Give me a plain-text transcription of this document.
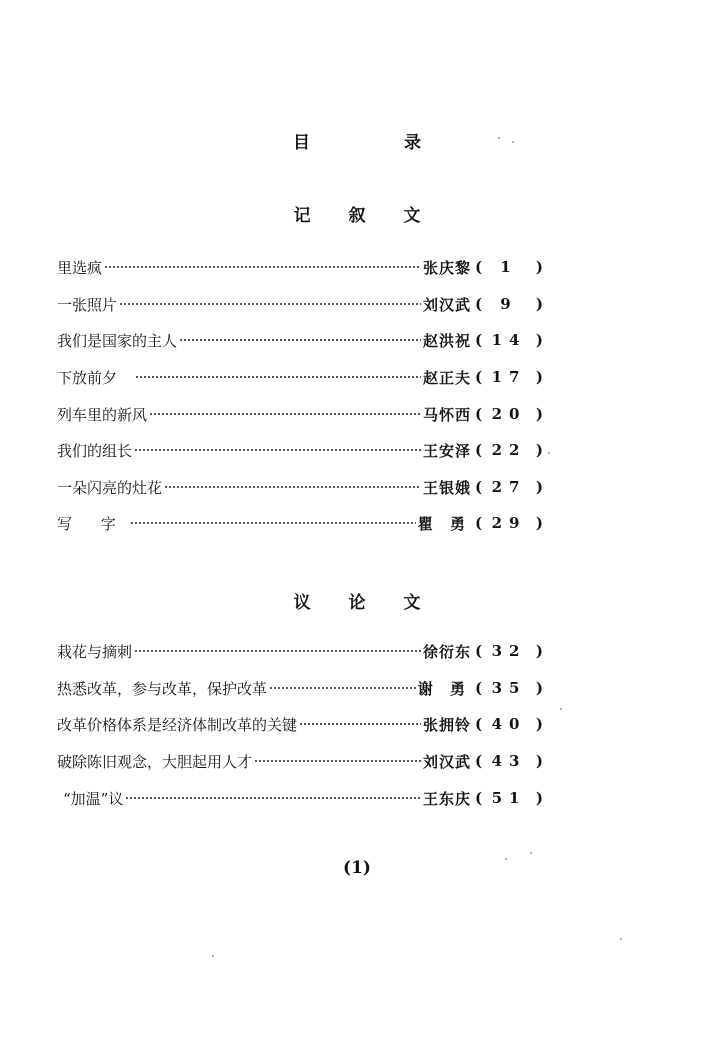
目 录
记 叙 文
里选疯	张庆黎 ( 1 )
一张照片	刘汉武 ( 9 )
我们是国家的主人	赵洪祝 ( 14 )
下放前夕	赵正夫 ( 17 )
列车里的新风	马怀西 ( 20 )
我们的组长	王安泽 ( 22 )
一朵闪亮的灶花	王银娥 ( 27 )
写 字	瞿 勇 ( 29 )
议 论 文
栽花与摘刺	徐衍东 ( 32 )
热悉改革，参与改革，保护改革	谢 勇 ( 35 )
改革价格体系是经济体制改革的关键	张拥铃 ( 40 )
破除陈旧观念，大胆起用人才	刘汉武 ( 43 )
“加温”议	王东庆 ( 51 )
(1)
